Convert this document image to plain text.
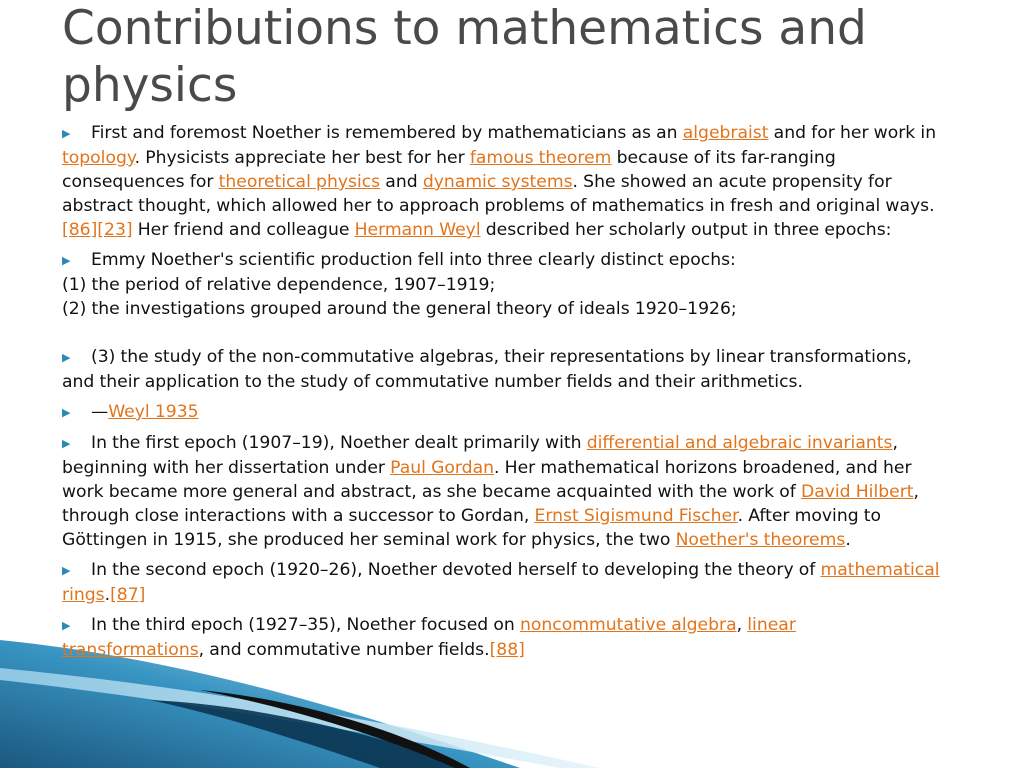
Contributions to mathematics and physics

▶ First and foremost Noether is remembered by mathematicians as an algebraist and for her work in topology. Physicists appreciate her best for her famous theorem because of its far-ranging consequences for theoretical physics and dynamic systems. She showed an acute propensity for abstract thought, which allowed her to approach problems of mathematics in fresh and original ways.[86][23] Her friend and colleague Hermann Weyl described her scholarly output in three epochs:

▶ Emmy Noether's scientific production fell into three clearly distinct epochs:
(1) the period of relative dependence, 1907–1919;
(2) the investigations grouped around the general theory of ideals 1920–1926;

▶ (3) the study of the non-commutative algebras, their representations by linear transformations, and their application to the study of commutative number fields and their arithmetics.

▶ —Weyl 1935

▶ In the first epoch (1907–19), Noether dealt primarily with differential and algebraic invariants, beginning with her dissertation under Paul Gordan. Her mathematical horizons broadened, and her work became more general and abstract, as she became acquainted with the work of David Hilbert, through close interactions with a successor to Gordan, Ernst Sigismund Fischer. After moving to Göttingen in 1915, she produced her seminal work for physics, the two Noether's theorems.

▶ In the second epoch (1920–26), Noether devoted herself to developing the theory of mathematical rings.[87]

▶ In the third epoch (1927–35), Noether focused on noncommutative algebra, linear transformations, and commutative number fields.[88]
